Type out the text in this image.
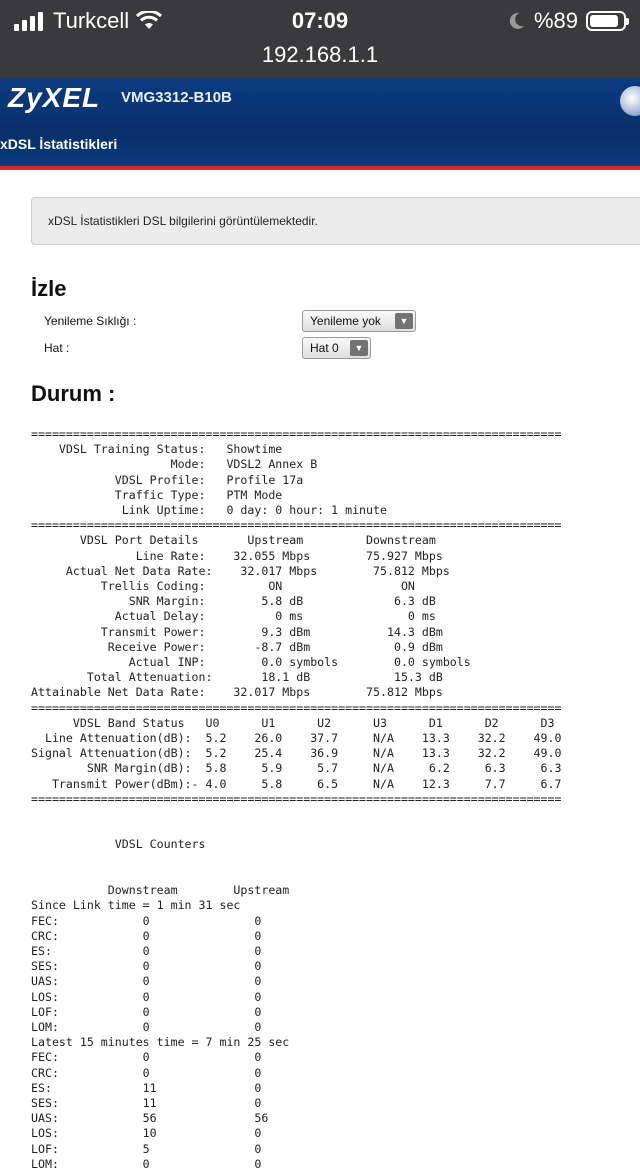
Turkcell	07:09	%89
192.168.1.1
ZyXEL VMG3312-B10B
xDSL İstatistikleri
xDSL İstatistikleri DSL bilgilerini görüntülemektedir.
İzle
Yenileme Sıklığı :	Yenileme yok	▼
Hat :	Hat 0	▼
Durum :
============================================================================
VDSL Training Status:   Showtime
Mode:   VDSL2 Annex B
VDSL Profile:   Profile 17a
Traffic Type:   PTM Mode
Link Uptime:   0 day: 0 hour: 1 minute
============================================================================
VDSL Port Details       Upstream         Downstream
Line Rate:    32.055 Mbps        75.927 Mbps
Actual Net Data Rate:    32.017 Mbps        75.812 Mbps
Trellis Coding:         ON                 ON
SNR Margin:        5.8 dB             6.3 dB
Actual Delay:          0 ms               0 ms
Transmit Power:        9.3 dBm           14.3 dBm
Receive Power:       -8.7 dBm            0.9 dBm
Actual INP:        0.0 symbols        0.0 symbols
Total Attenuation:       18.1 dB            15.3 dB
Attainable Net Data Rate:    32.017 Mbps        75.812 Mbps
============================================================================
VDSL Band Status   U0      U1      U2      U3      D1      D2      D3
Line Attenuation(dB):  5.2    26.0    37.7     N/A    13.3    32.2    49.0
Signal Attenuation(dB):  5.2    25.4    36.9     N/A    13.3    32.2    49.0
SNR Margin(dB):  5.8     5.9     5.7     N/A     6.2     6.3     6.3
Transmit Power(dBm):- 4.0     5.8     6.5     N/A    12.3     7.7     6.7
============================================================================

VDSL Counters

Downstream        Upstream
Since Link time = 1 min 31 sec
FEC:            0               0
CRC:            0               0
ES:             0               0
SES:            0               0
UAS:            0               0
LOS:            0               0
LOF:            0               0
LOM:            0               0
Latest 15 minutes time = 7 min 25 sec
FEC:            0               0
CRC:            0               0
ES:             11              0
SES:            11              0
UAS:            56              56
LOS:            10              0
LOF:            5               0
LOM:            0               0
